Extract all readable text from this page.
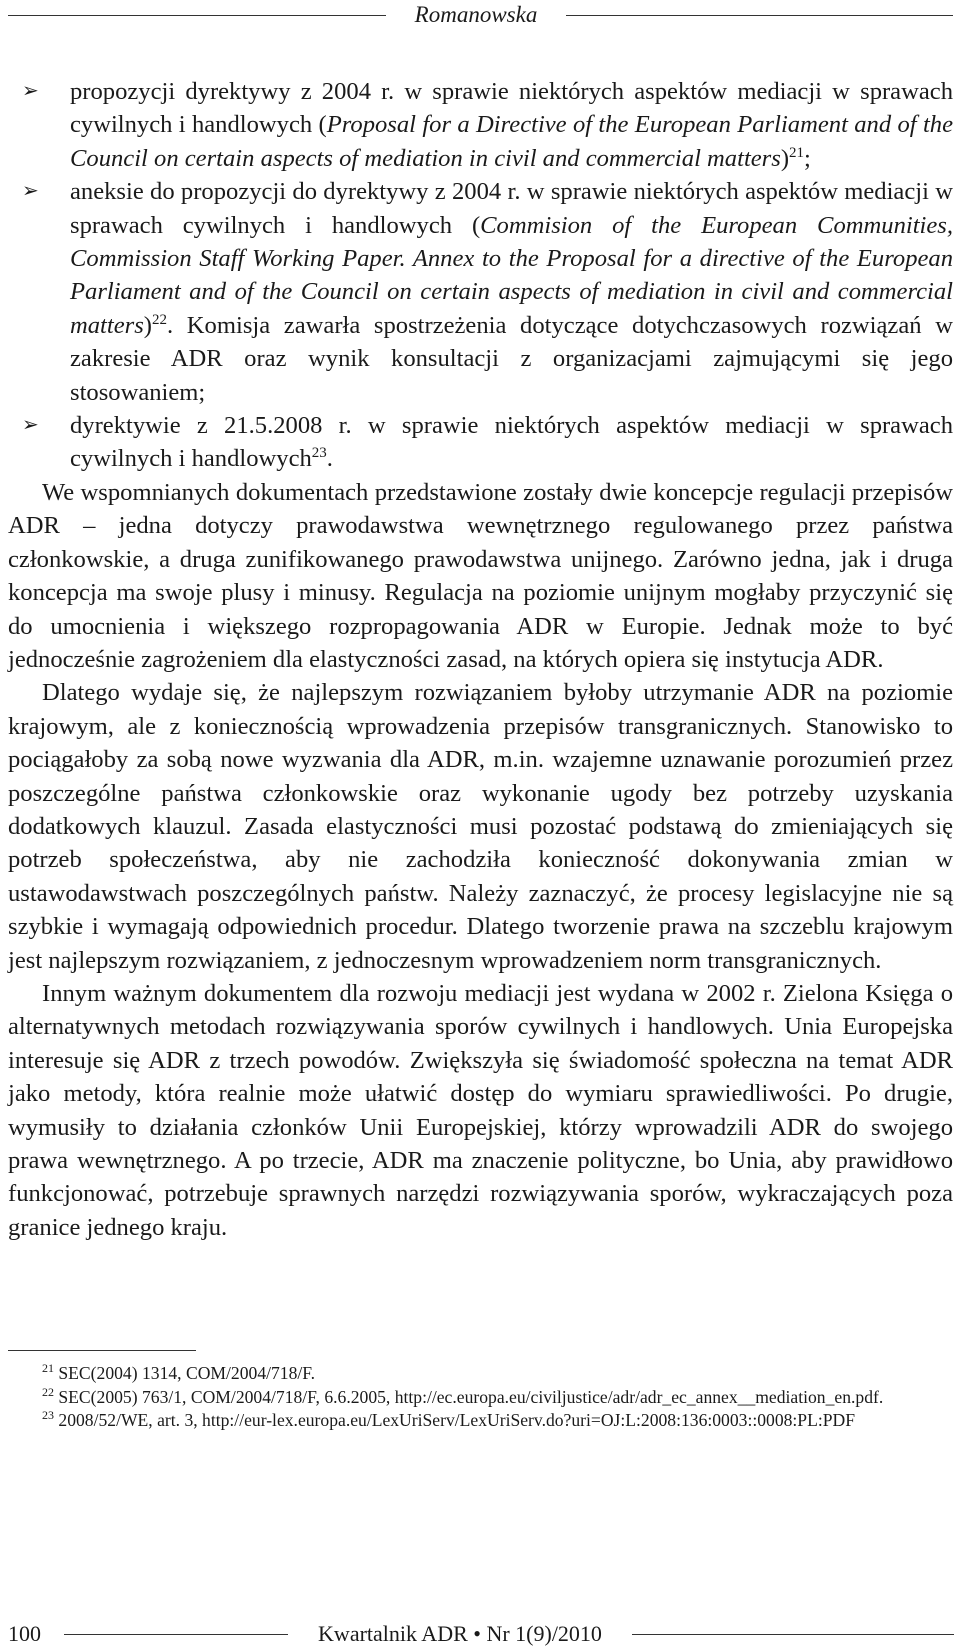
Romanowska
➢ propozycji dyrektywy z 2004 r. w sprawie niektórych aspektów mediacji w sprawach cywilnych i handlowych (Proposal for a Directive of the European Parliament and of the Council on certain aspects of mediation in civil and commercial matters)$^{21}$;
➢ aneksie do propozycji do dyrektywy z 2004 r. w sprawie niektórych aspektów mediacji w sprawach cywilnych i handlowych (Commision of the European Communities, Commission Staff Working Paper. Annex to the Proposal for a directive of the European Parliament and of the Council on certain aspects of mediation in civil and commercial matters)$^{22}$. Komisja zawarła spostrzeżenia dotyczące dotychczasowych rozwiązań w zakresie ADR oraz wynik konsultacji z organizacjami zajmującymi się jego stosowaniem;
➢ dyrektywie z 21.5.2008 r. w sprawie niektórych aspektów mediacji w sprawach cywilnych i handlowych$^{23}$.

We wspomnianych dokumentach przedstawione zostały dwie koncepcje regulacji przepisów ADR – jedna dotyczy prawodawstwa wewnętrznego regulowanego przez państwa członkowskie, a druga zunifikowanego prawodawstwa unijnego. Zarówno jedna, jak i druga koncepcja ma swoje plusy i minusy. Regulacja na poziomie unijnym mogłaby przyczynić się do umocnienia i większego rozpropagowania ADR w Europie. Jednak może to być jednocześnie zagrożeniem dla elastyczności zasad, na których opiera się instytucja ADR.

Dlatego wydaje się, że najlepszym rozwiązaniem byłoby utrzymanie ADR na poziomie krajowym, ale z koniecznością wprowadzenia przepisów transgranicznych. Stanowisko to pociągałoby za sobą nowe wyzwania dla ADR, m.in. wzajemne uznawanie porozumień przez poszczególne państwa członkowskie oraz wykonanie ugody bez potrzeby uzyskania dodatkowych klauzul. Zasada elastyczności musi pozostać podstawą do zmieniających się potrzeb społeczeństwa, aby nie zachodziła konieczność dokonywania zmian w ustawodawstwach poszczególnych państw. Należy zaznaczyć, że procesy legislacyjne nie są szybkie i wymagają odpowiednich procedur. Dlatego tworzenie prawa na szczeblu krajowym jest najlepszym rozwiązaniem, z jednoczesnym wprowadzeniem norm transgranicznych.

Innym ważnym dokumentem dla rozwoju mediacji jest wydana w 2002 r. Zielona Księga o alternatywnych metodach rozwiązywania sporów cywilnych i handlowych. Unia Europejska interesuje się ADR z trzech powodów. Zwiększyła się świadomość społeczna na temat ADR jako metody, która realnie może ułatwić dostęp do wymiaru sprawiedliwości. Po drugie, wymusiły to działania członków Unii Europejskiej, którzy wprowadzili ADR do swojego prawa wewnętrznego. A po trzecie, ADR ma znaczenie polityczne, bo Unia, aby prawidłowo funkcjonować, potrzebuje sprawnych narzędzi rozwiązywania sporów, wykraczających poza granice jednego kraju.

$^{21}$ SEC(2004) 1314, COM/2004/718/F.
$^{22}$ SEC(2005) 763/1, COM/2004/718/F, 6.6.2005, http://ec.europa.eu/civiljustice/adr/adr_ec_annex__mediation_en.pdf.
$^{23}$ 2008/52/WE, art. 3, http://eur-lex.europa.eu/LexUriServ/LexUriServ.do?uri=OJ:L:2008:136:0003::0008:PL:PDF
100	Kwartalnik ADR • Nr 1(9)/2010
